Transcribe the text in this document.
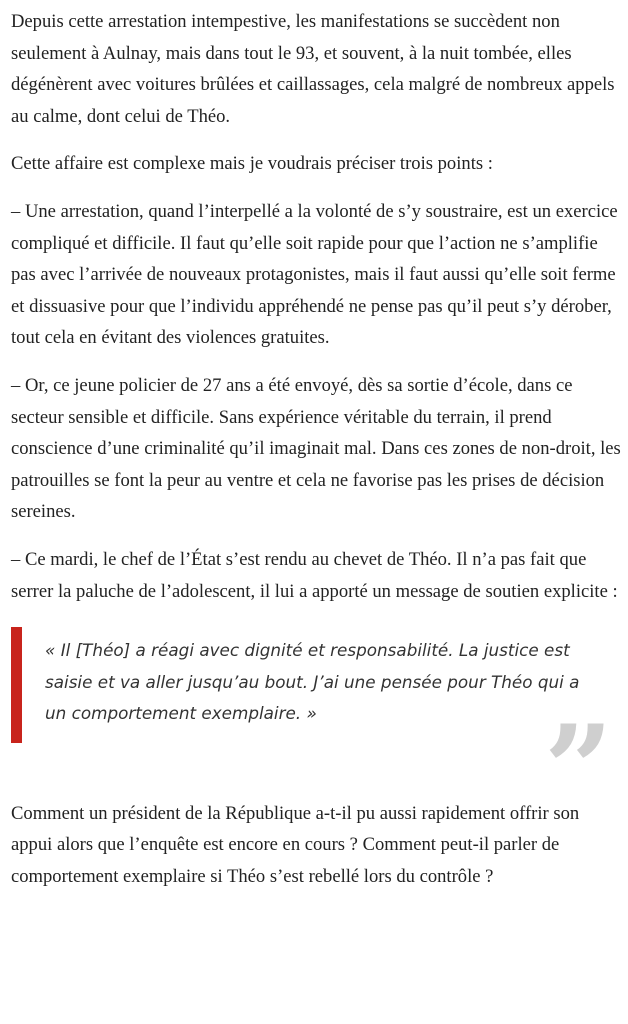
Depuis cette arrestation intempestive, les manifestations se succèdent non seulement à Aulnay, mais dans tout le 93, et souvent, à la nuit tombée, elles dégénèrent avec voitures brûlées et caillassages, cela malgré de nombreux appels au calme, dont celui de Théo.

Cette affaire est complexe mais je voudrais préciser trois points :

– Une arrestation, quand l’interpellé a la volonté de s’y soustraire, est un exercice compliqué et difficile. Il faut qu’elle soit rapide pour que l’action ne s’amplifie pas avec l’arrivée de nouveaux protagonistes, mais il faut aussi qu’elle soit ferme et dissuasive pour que l’individu appréhendé ne pense pas qu’il peut s’y dérober, tout cela en évitant des violences gratuites.

– Or, ce jeune policier de 27 ans a été envoyé, dès sa sortie d’école, dans ce secteur sensible et difficile. Sans expérience véritable du terrain, il prend conscience d’une criminalité qu’il imaginait mal. Dans ces zones de non-droit, les patrouilles se font la peur au ventre et cela ne favorise pas les prises de décision sereines.

– Ce mardi, le chef de l’État s’est rendu au chevet de Théo. Il n’a pas fait que serrer la paluche de l’adolescent, il lui a apporté un message de soutien explicite :

« Il [Théo] a réagi avec dignité et responsabilité. La justice est saisie et va aller jusqu’au bout. J’ai une pensée pour Théo qui a un comportement exemplaire. »	”

Comment un président de la République a-t-il pu aussi rapidement offrir son appui alors que l’enquête est encore en cours ? Comment peut-il parler de comportement exemplaire si Théo s’est rebellé lors du contrôle ?
